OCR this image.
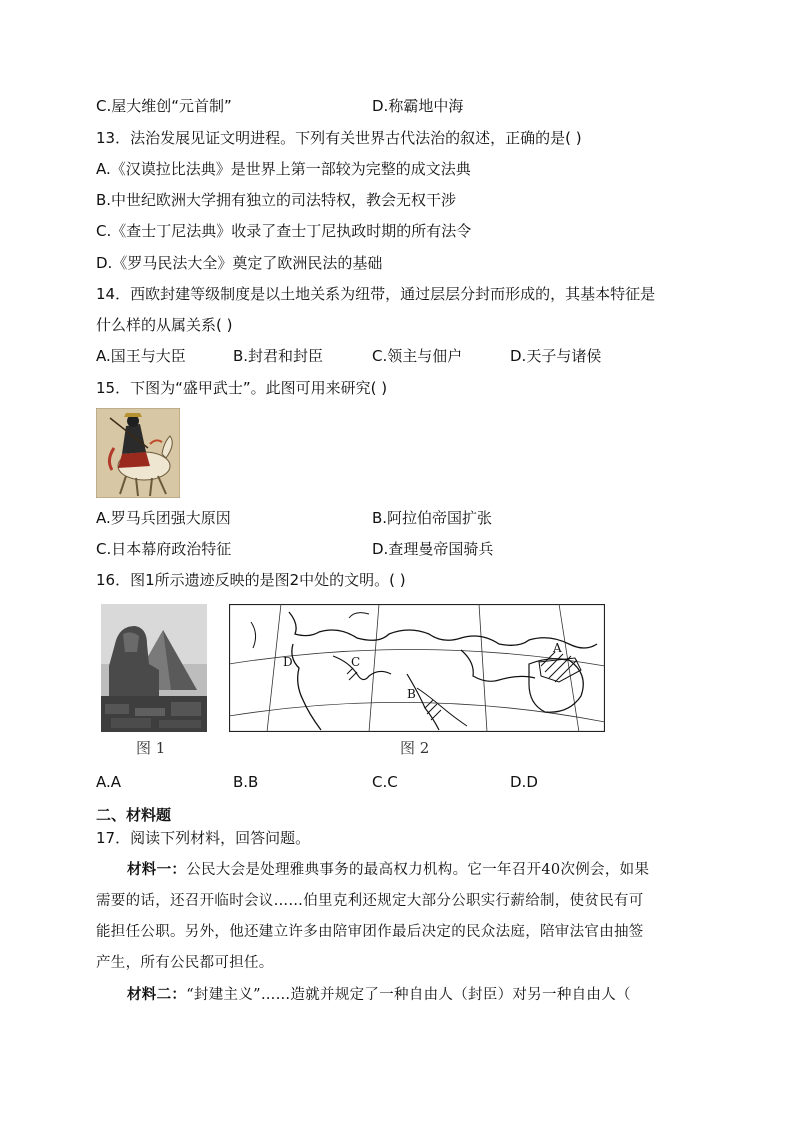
C.屋大维创“元首制”	D.称霸地中海
13．法治发展见证文明进程。下列有关世界古代法治的叙述，正确的是( )
A.《汉谟拉比法典》是世界上第一部较为完整的成文法典
B.中世纪欧洲大学拥有独立的司法特权，教会无权干涉
C.《查士丁尼法典》收录了查士丁尼执政时期的所有法令
D.《罗马民法大全》奠定了欧洲民法的基础
14．西欧封建等级制度是以土地关系为纽带，通过层层分封而形成的，其基本特征是
什么样的从属关系( )
A.国王与大臣	B.封君和封臣	C.领主与佃户	D.天子与诸侯
15．下图为“盛甲武士”。此图可用来研究( )
A.罗马兵团强大原因	B.阿拉伯帝国扩张
C.日本幕府政治特征	D.查理曼帝国骑兵
16．图1所示遗迹反映的是图2中处的文明。( )
图 1
D	C
B
A
图 2
A.A	B.B	C.C	D.D
二、材料题
17．阅读下列材料，回答问题。
材料一：公民大会是处理雅典事务的最高权力机构。它一年召开40次例会，如果
需要的话，还召开临时会议……伯里克利还规定大部分公职实行薪给制，使贫民有可
能担任公职。另外，他还建立许多由陪审团作最后决定的民众法庭，陪审法官由抽签
产生，所有公民都可担任。
材料二：“封建主义”……造就并规定了一种自由人（封臣）对另一种自由人（
